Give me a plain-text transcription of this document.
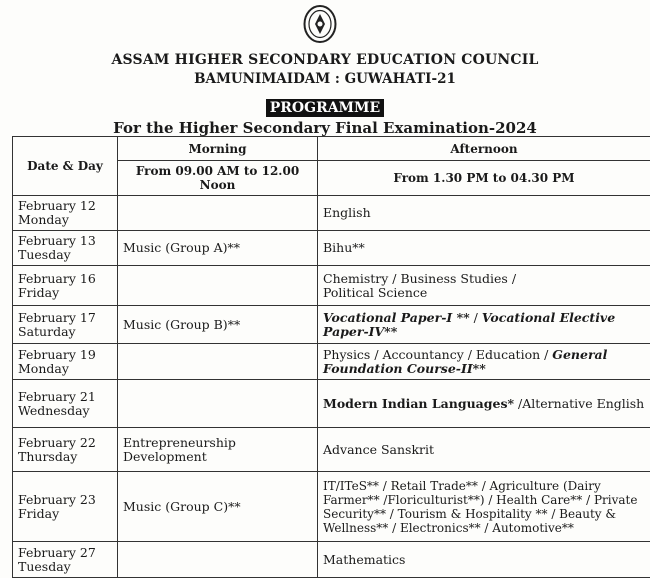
ASSAM HIGHER SECONDARY EDUCATION COUNCIL
BAMUNIMAIDAM : GUWAHATI-21
PROGRAMME
For the Higher Secondary Final Examination-2024
Date & Day	Morning	Afternoon
	From 09.00 AM to 12.00 Noon	From 1.30 PM to 04.30 PM
February 12
Monday		English
February 13
Tuesday	Music (Group A)**	Bihu**
February 16
Friday		Chemistry / Business Studies /
Political Science
February 17
Saturday	Music (Group B)**	Vocational Paper-I ** / Vocational Elective Paper-IV**
February 19
Monday		Physics / Accountancy / Education / General Foundation Course-II**
February 21
Wednesday		Modern Indian Languages* /Alternative English
February 22
Thursday	Entrepreneurship Development	Advance Sanskrit
February 23
Friday	Music (Group C)**	IT/ITeS** / Retail Trade** / Agriculture (Dairy Farmer** /Floriculturist**) / Health Care** / Private Security** / Tourism & Hospitality ** / Beauty & Wellness** / Electronics** / Automotive**
February 27
Tuesday		Mathematics
